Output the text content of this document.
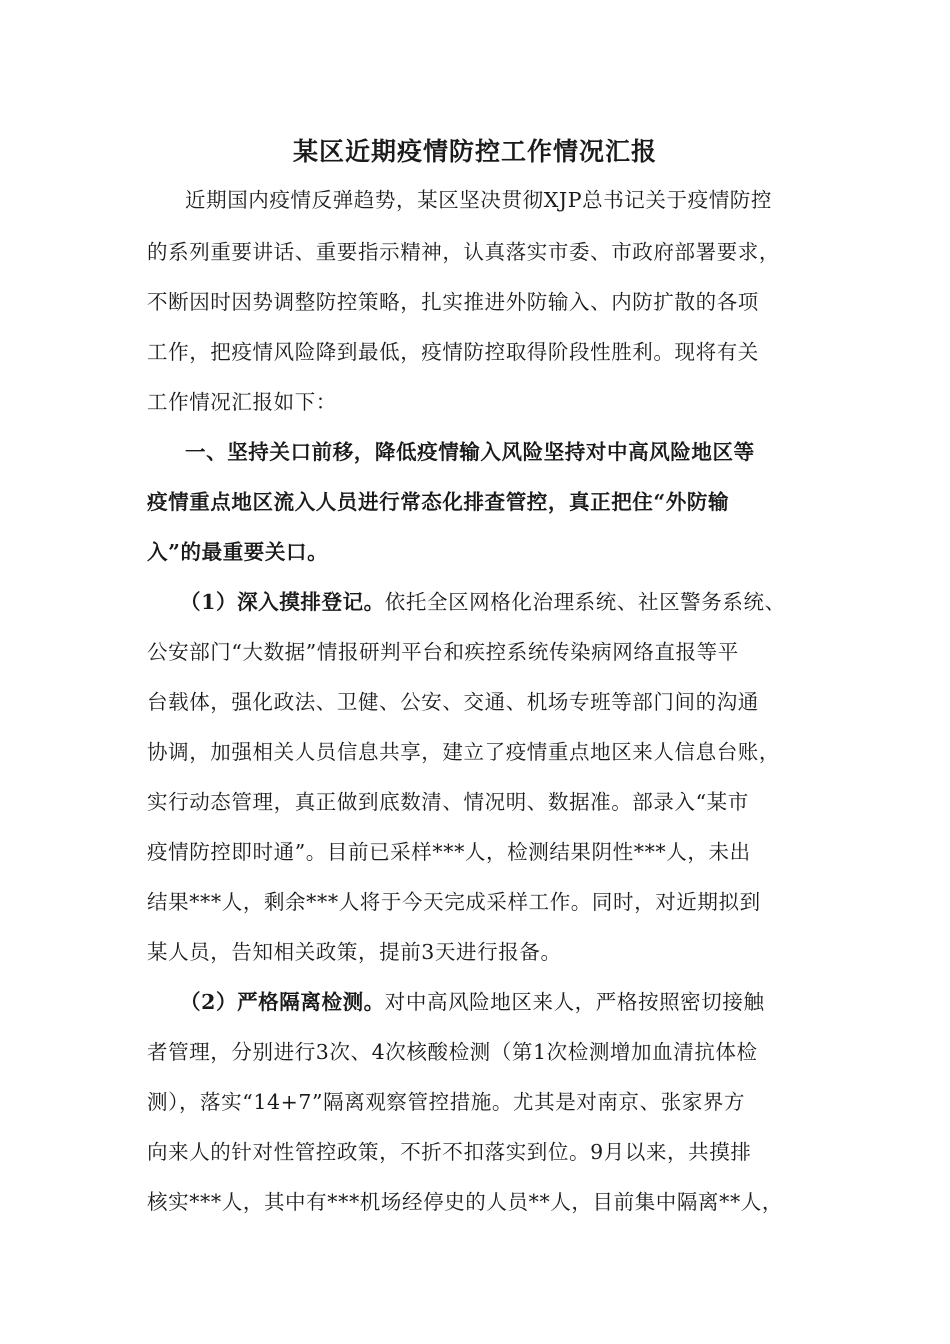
某区近期疫情防控工作情况汇报
近期国内疫情反弹趋势，某区坚决贯彻XJP总书记关于疫情防控
的系列重要讲话、重要指示精神，认真落实市委、市政府部署要求，
不断因时因势调整防控策略，扎实推进外防输入、内防扩散的各项
工作，把疫情风险降到最低，疫情防控取得阶段性胜利。现将有关
工作情况汇报如下：
一、坚持关口前移，降低疫情输入风险坚持对中高风险地区等
疫情重点地区流入人员进行常态化排查管控，真正把住“外防输
入”的最重要关口。
（1）深入摸排登记。依托全区网格化治理系统、社区警务系统、
公安部门“大数据”情报研判平台和疾控系统传染病网络直报等平
台载体，强化政法、卫健、公安、交通、机场专班等部门间的沟通
协调，加强相关人员信息共享，建立了疫情重点地区来人信息台账，
实行动态管理，真正做到底数清、情况明、数据准。部录入“某市
疫情防控即时通”。目前已采样***人，检测结果阴性***人，未出
结果***人，剩余***人将于今天完成采样工作。同时，对近期拟到
某人员，告知相关政策，提前3天进行报备。
（2）严格隔离检测。对中高风险地区来人，严格按照密切接触
者管理，分别进行3次、4次核酸检测（第1次检测增加血清抗体检
测），落实“14+7”隔离观察管控措施。尤其是对南京、张家界方
向来人的针对性管控政策，不折不扣落实到位。9月以来，共摸排
核实***人，其中有***机场经停史的人员**人，目前集中隔离**人，
